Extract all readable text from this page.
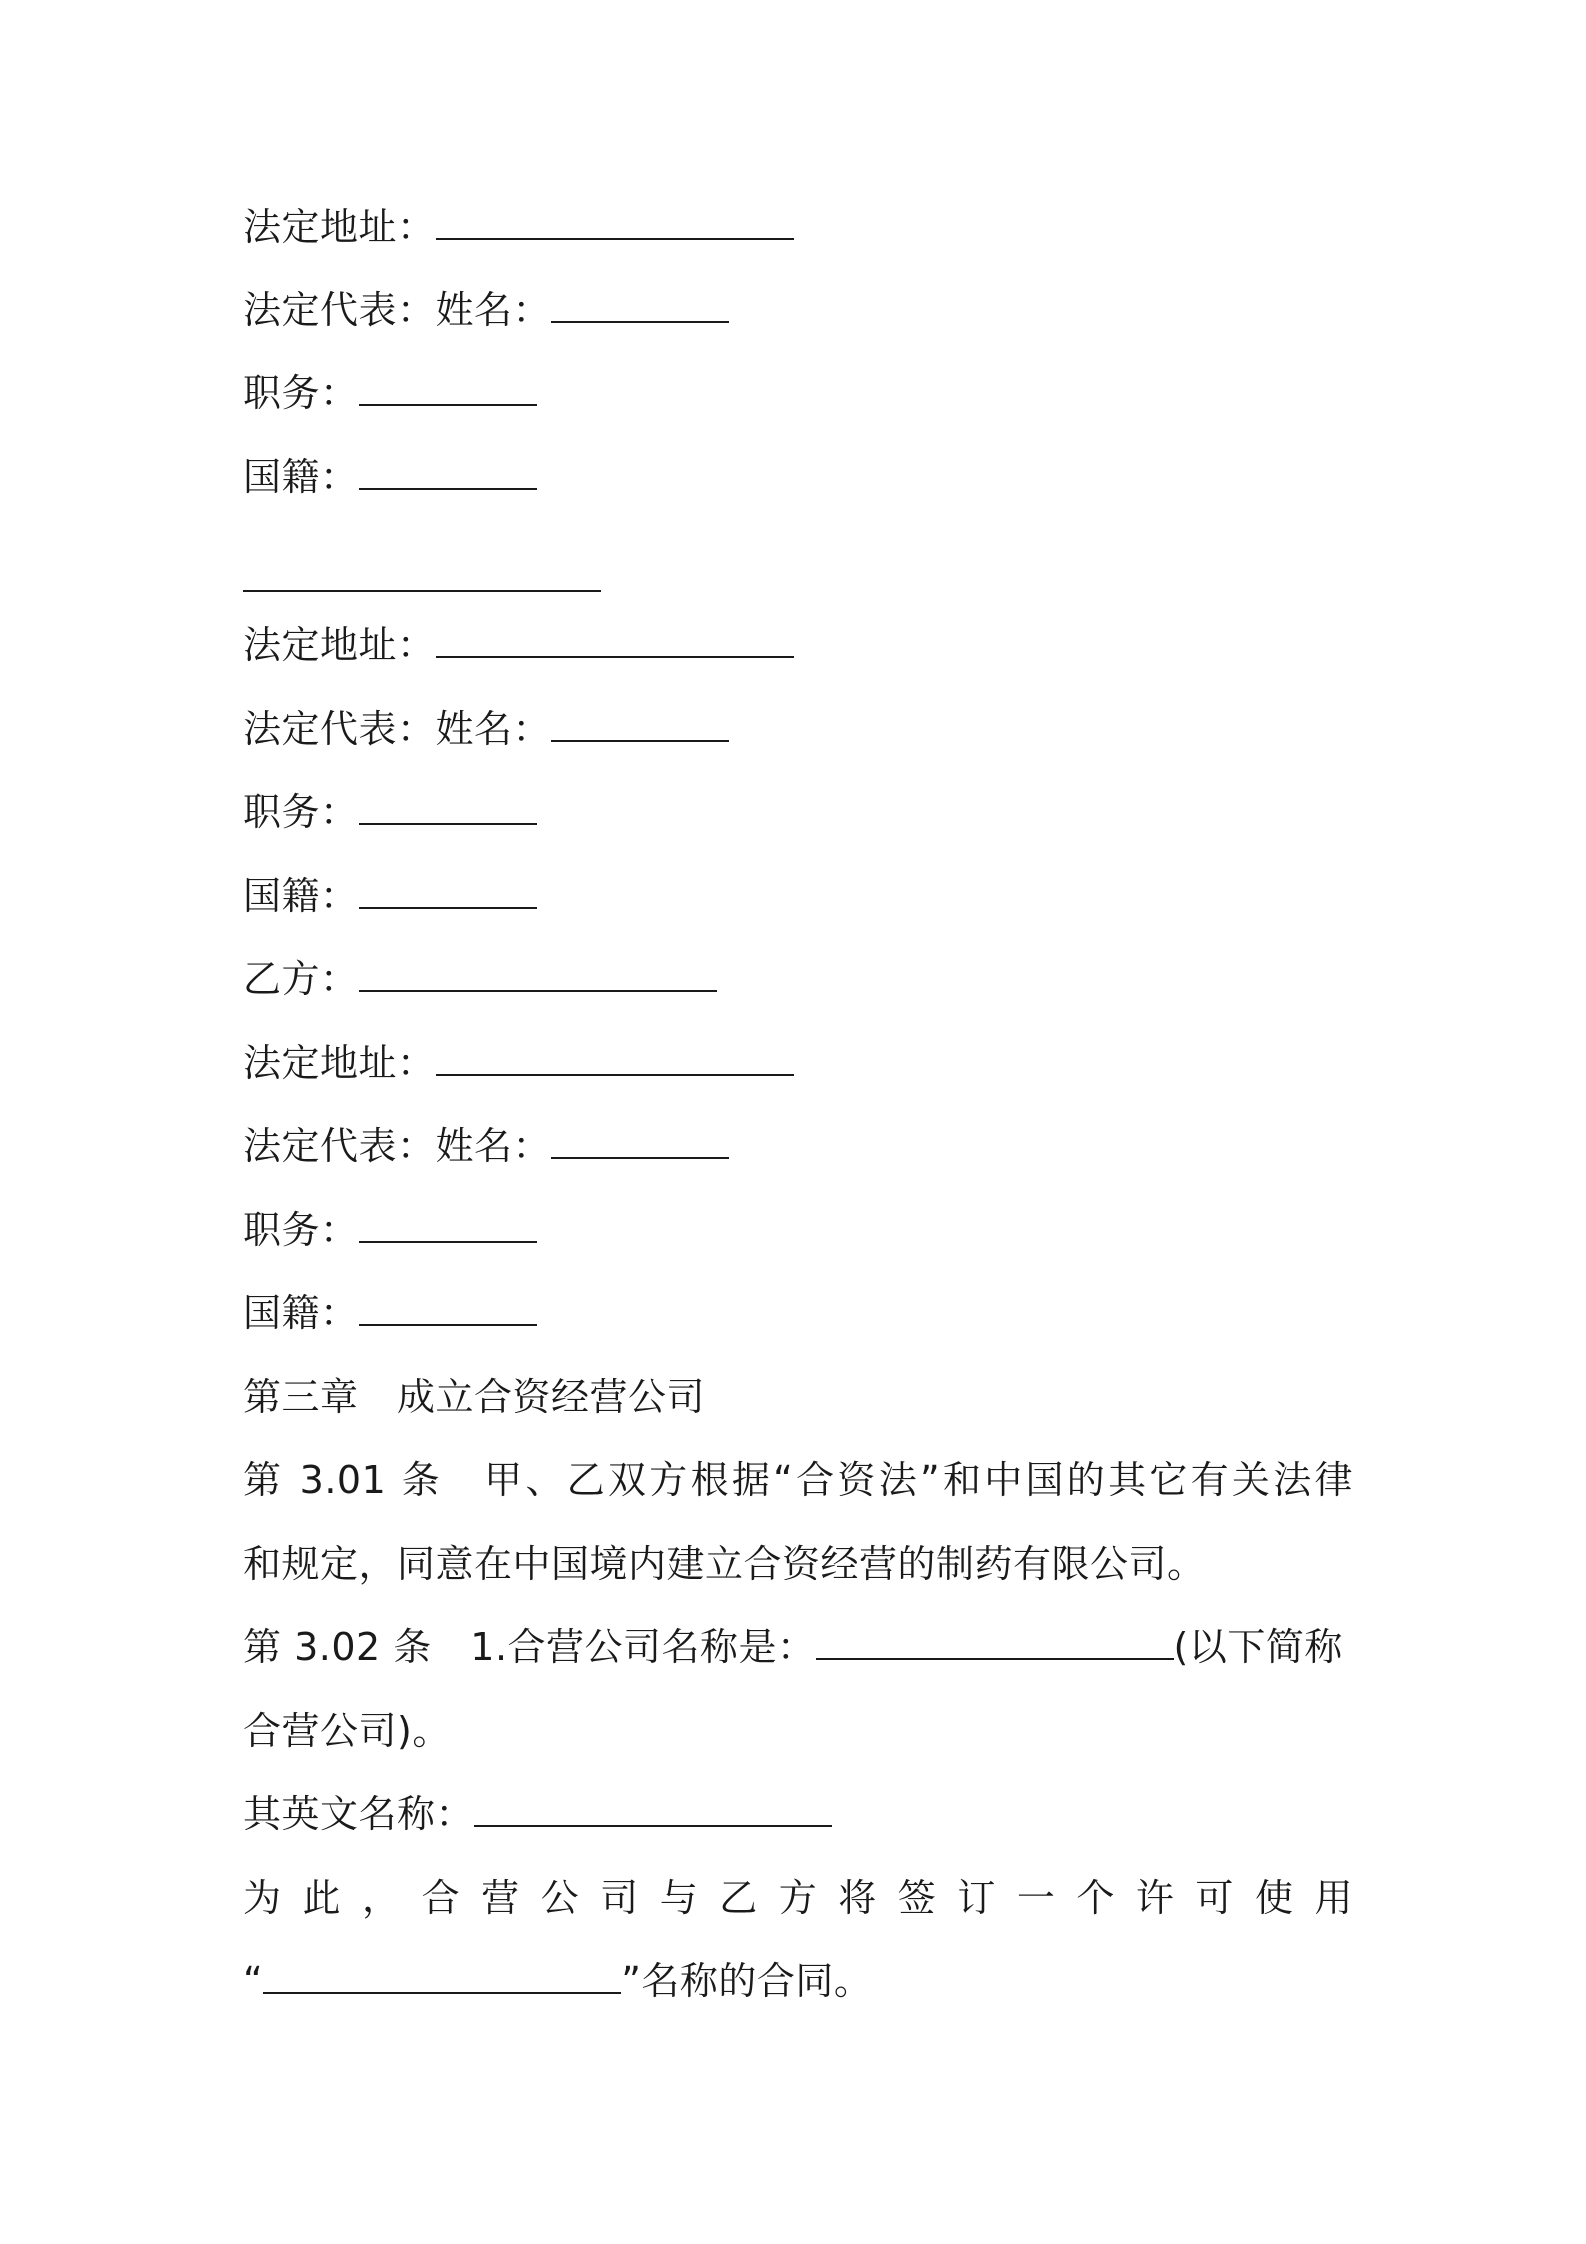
法定地址：
法定代表：姓名：
职务：
国籍：
法定地址：
法定代表：姓名：
职务：
国籍：
乙方：
法定地址：
法定代表：姓名：
职务：
国籍：
第三章　成立合资经营公司
第 3.01 条　甲、乙双方根据“合资法”和中国的其它有关法律
和规定，同意在中国境内建立合资经营的制药有限公司。
第 3.02 条　1.合营公司名称是：	(以下简称
合营公司)。
其英文名称：
为此，合营公司与乙方将签订一个许可使用
“	”名称的合同。
